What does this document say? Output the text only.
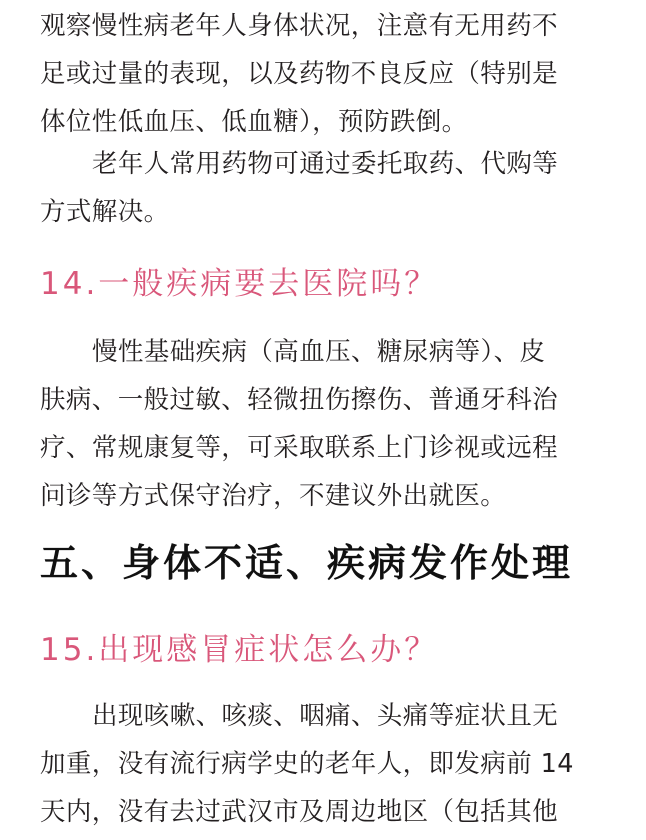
观察慢性病老年人身体状况，注意有无用药不
足或过量的表现，以及药物不良反应（特别是
体位性低血压、低血糖），预防跌倒。

老年人常用药物可通过委托取药、代购等
方式解决。

14.一般疾病要去医院吗？

慢性基础疾病（高血压、糖尿病等）、皮
肤病、一般过敏、轻微扭伤擦伤、普通牙科治
疗、常规康复等，可采取联系上门诊视或远程
问诊等方式保守治疗，不建议外出就医。

五、身体不适、疾病发作处理
15.出现感冒症状怎么办？

出现咳嗽、咳痰、咽痛、头痛等症状且无
加重，没有流行病学史的老年人，即发病前 14
天内，没有去过武汉市及周边地区（包括其他
